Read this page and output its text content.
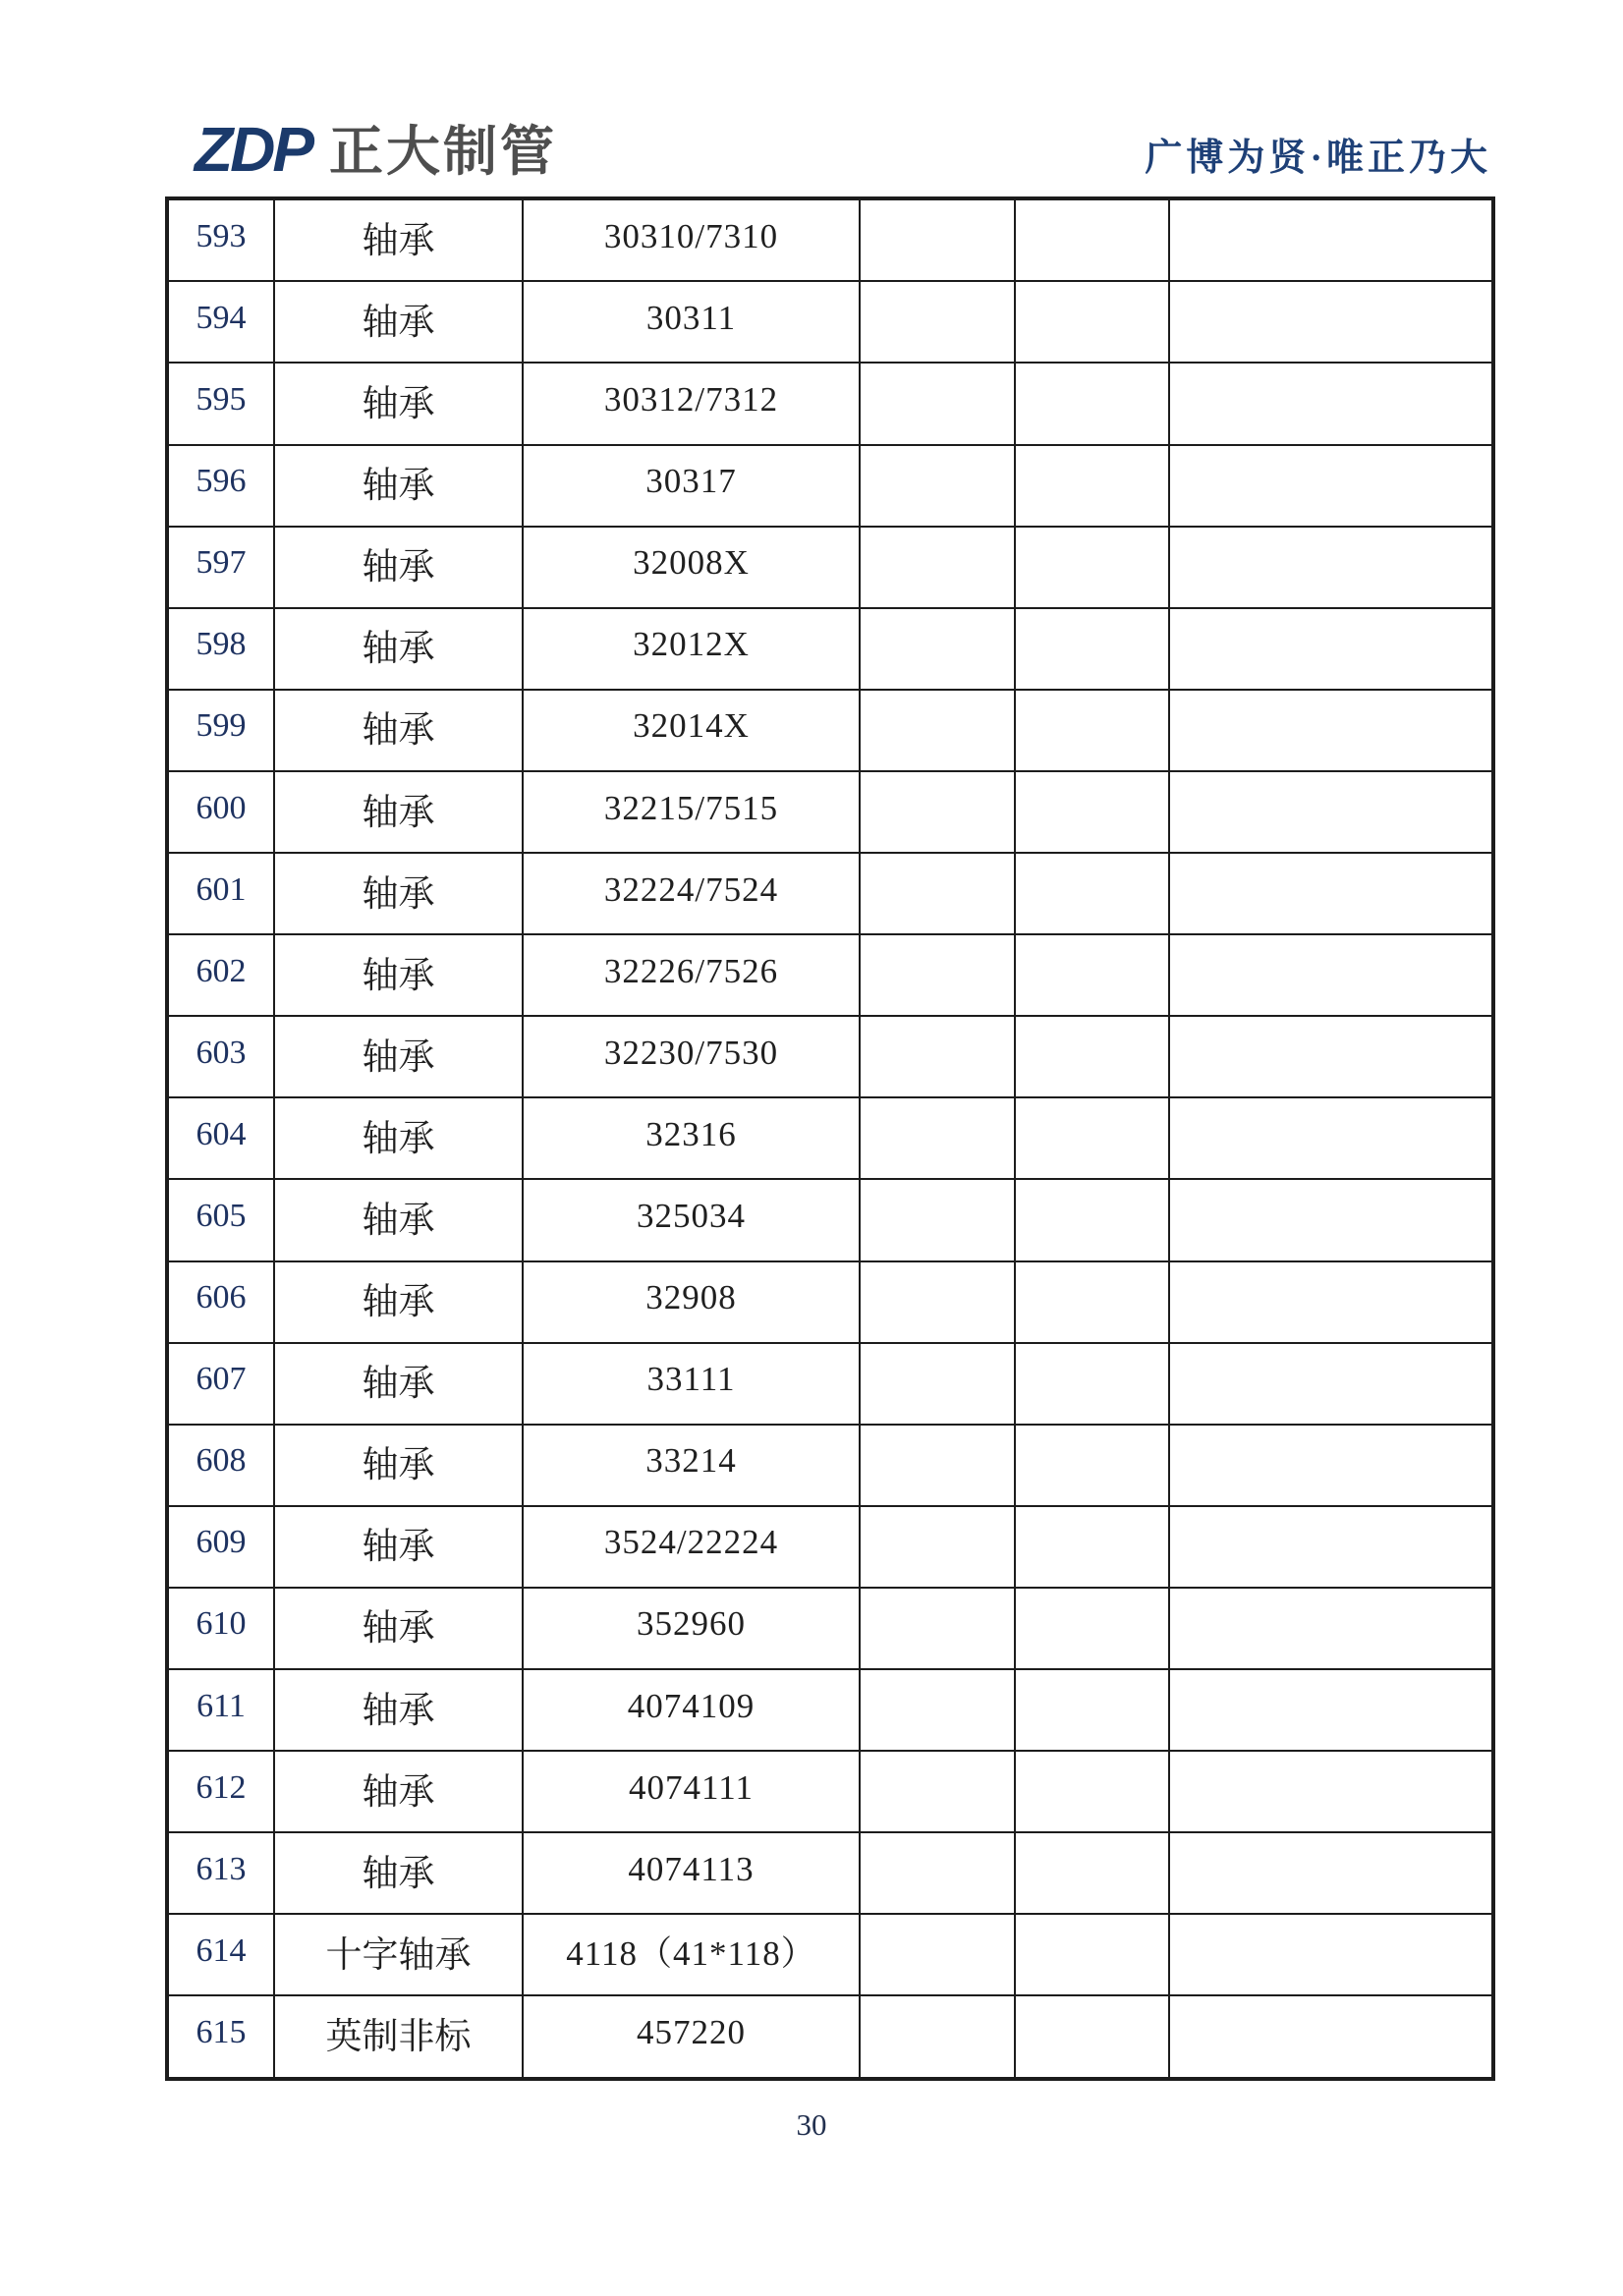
ZDP 正大制管	广博为贤·唯正乃大
593	轴承	30310/7310			
594	轴承	30311			
595	轴承	30312/7312			
596	轴承	30317			
597	轴承	32008X			
598	轴承	32012X			
599	轴承	32014X			
600	轴承	32215/7515			
601	轴承	32224/7524			
602	轴承	32226/7526			
603	轴承	32230/7530			
604	轴承	32316			
605	轴承	325034			
606	轴承	32908			
607	轴承	33111			
608	轴承	33214			
609	轴承	3524/22224			
610	轴承	352960			
611	轴承	4074109			
612	轴承	4074111			
613	轴承	4074113			
614	十字轴承	4118（41*118）			
615	英制非标	457220			
30
